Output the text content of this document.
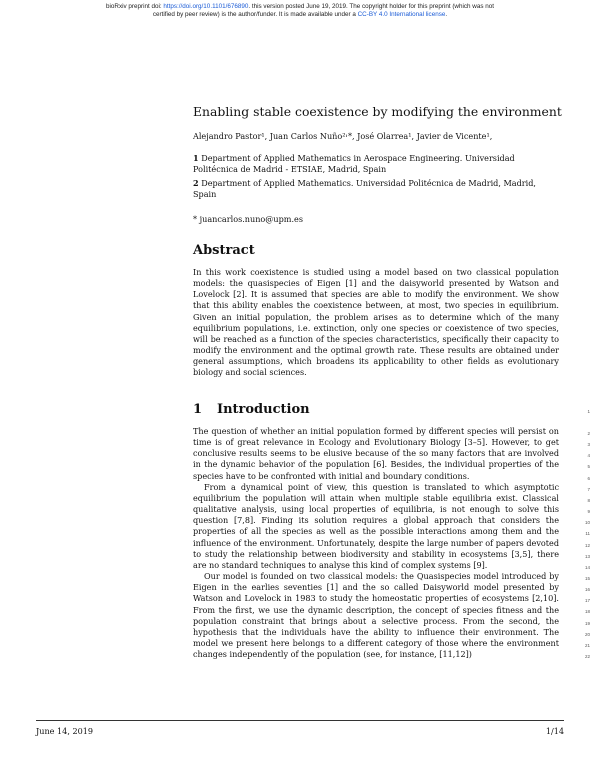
bioRxiv preprint doi: https://doi.org/10.1101/676890. this version posted June 19, 2019. The copyright holder for this preprint (which was not
certified by peer review) is the author/funder. It is made available under a CC-BY 4.0 International license.
Enabling stable coexistence by modifying the environment
Alejandro Pastor¹, Juan Carlos Nuño²˒*, José Olarrea¹, Javier de Vicente¹,
1 Department of Applied Mathematics in Aerospace Engineering. Universidad Politécnica de Madrid - ETSIAE, Madrid, Spain
2 Department of Applied Mathematics. Universidad Politécnica de Madrid, Madrid, Spain
* juancarlos.nuno@upm.es
Abstract
In this work coexistence is studied using a model based on two classical population models: the quasispecies of Eigen [1] and the daisyworld presented by Watson and Lovelock [2]. It is assumed that species are able to modify the environment. We show that this ability enables the coexistence between, at most, two species in equilibrium. Given an initial population, the problem arises as to determine which of the many equilibrium populations, i.e. extinction, only one species or coexistence of two species, will be reached as a function of the species characteristics, specifically their capacity to modify the environment and the optimal growth rate. These results are obtained under general assumptions, which broadens its applicability to other fields as evolutionary biology and social sciences.
1 Introduction

The question of whether an initial population formed by different species will persist on time is of great relevance in Ecology and Evolutionary Biology [3–5]. However, to get conclusive results seems to be elusive because of the so many factors that are involved in the dynamic behavior of the population [6]. Besides, the individual properties of the species have to be confronted with initial and boundary conditions.

From a dynamical point of view, this question is translated to which asymptotic equilibrium the population will attain when multiple stable equilibria exist. Classical qualitative analysis, using local properties of equilibria, is not enough to solve this question [7,8]. Finding its solution requires a global approach that considers the properties of all the species as well as the possible interactions among them and the influence of the environment. Unfortunately, despite the large number of papers devoted to study the relationship between biodiversity and stability in ecosystems [3,5], there are no standard techniques to analyse this kind of complex systems [9].

Our model is founded on two classical models: the Quasispecies model introduced by Eigen in the earlies seventies [1] and the so called Daisyworld model presented by Watson and Lovelock in 1983 to study the homeostatic properties of ecosystems [2,10]. From the first, we use the dynamic description, the concept of species fitness and the population constraint that brings about a selective process. From the second, the hypothesis that the individuals have the ability to influence their environment. The model we present here belongs to a different category of those where the environment changes independently of the population (see, for instance, [11,12])

1
2
3
4
5
6
7
8
9
10
11
12
13
14
15
16
17
18
19
20
21
22
June 14, 2019	1/14
